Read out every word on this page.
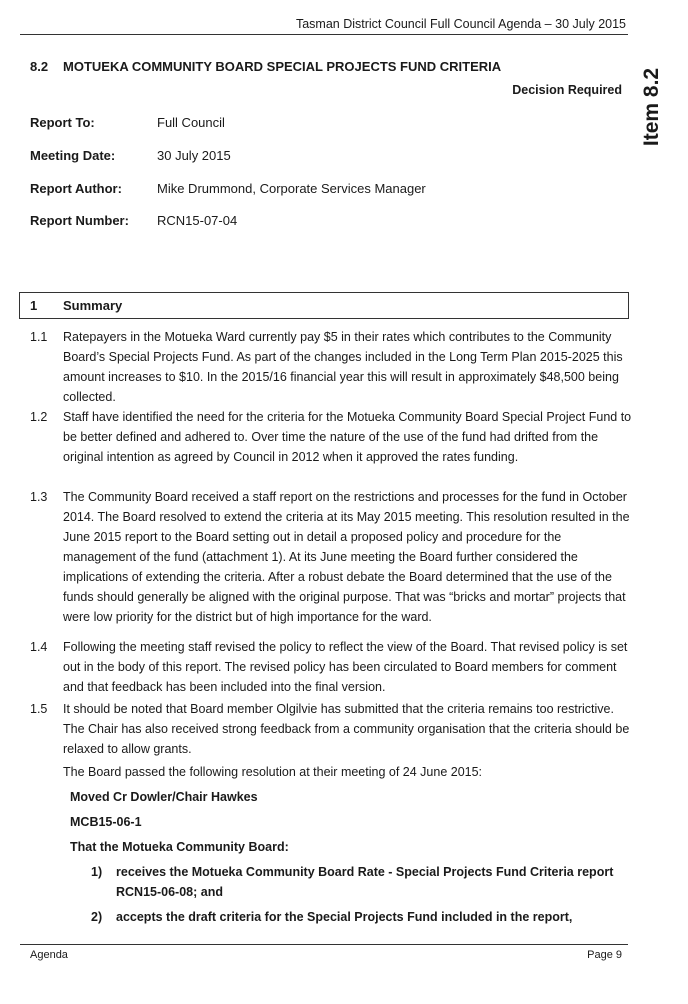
Tasman District Council Full Council Agenda – 30 July 2015
Item 8.2
8.2 MOTUEKA COMMUNITY BOARD SPECIAL PROJECTS FUND CRITERIA
Decision Required
Report To:	Full Council
Meeting Date:	30 July 2015
Report Author:	Mike Drummond, Corporate Services Manager
Report Number: RCN15-07-04
1 Summary
1.1 Ratepayers in the Motueka Ward currently pay $5 in their rates which contributes to the Community Board’s Special Projects Fund. As part of the changes included in the Long Term Plan 2015-2025 this amount increases to $10. In the 2015/16 financial year this will result in approximately $48,500 being collected.

1.2 Staff have identified the need for the criteria for the Motueka Community Board Special Project Fund to be better defined and adhered to. Over time the nature of the use of the fund had drifted from the original intention as agreed by Council in 2012 when it approved the rates funding.

1.3 The Community Board received a staff report on the restrictions and processes for the fund in October 2014. The Board resolved to extend the criteria at its May 2015 meeting. This resolution resulted in the June 2015 report to the Board setting out in detail a proposed policy and procedure for the management of the fund (attachment 1). At its June meeting the Board further considered the implications of extending the criteria. After a robust debate the Board determined that the use of the funds should generally be aligned with the original purpose. That was “bricks and mortar” projects that were low priority for the district but of high importance for the ward.

1.4 Following the meeting staff revised the policy to reflect the view of the Board. That revised policy is set out in the body of this report. The revised policy has been circulated to Board members for comment and that feedback has been included into the final version.

1.5 It should be noted that Board member Olgilvie has submitted that the criteria remains too restrictive. The Chair has also received strong feedback from a community organisation that the criteria should be relaxed to allow grants.

The Board passed the following resolution at their meeting of 24 June 2015:

Moved Cr Dowler/Chair Hawkes

MCB15-06-1

That the Motueka Community Board:

1) receives the Motueka Community Board Rate - Special Projects Fund Criteria report RCN15-06-08; and

2) accepts the draft criteria for the Special Projects Fund included in the report,

Agenda	Page 9
